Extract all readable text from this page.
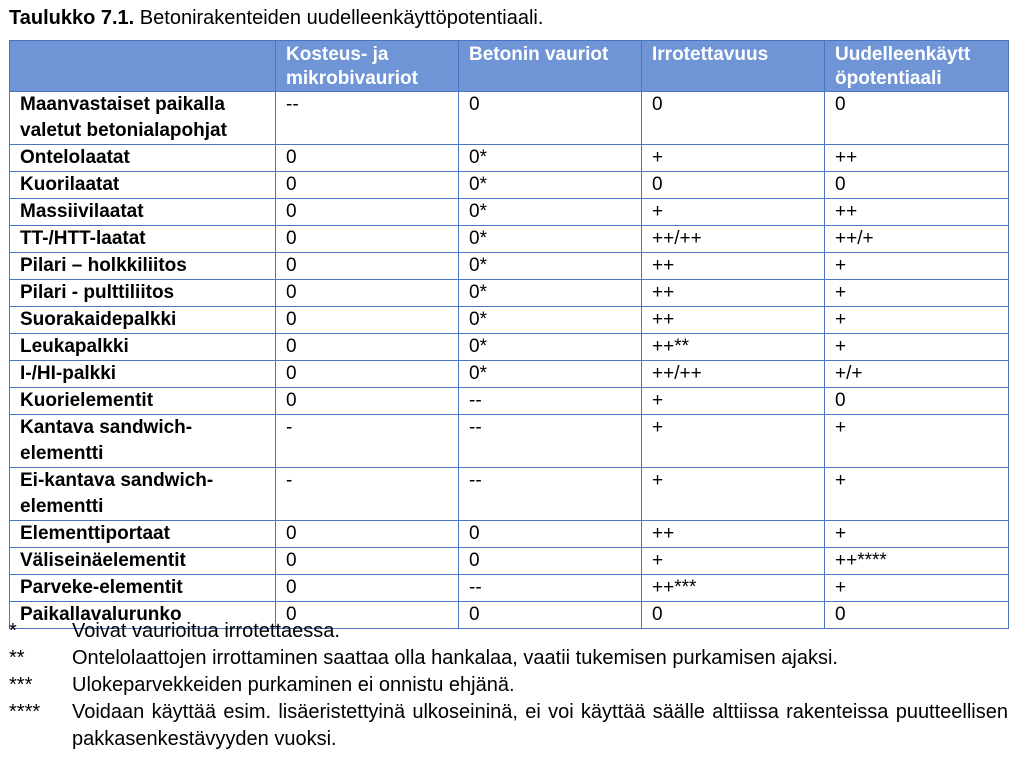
Taulukko 7.1. Betonirakenteiden uudelleenkäyttöpotentiaali.
	Kosteus- ja mikrobivauriot	Betonin vauriot	Irrotettavuus	Uudelleenkäytt öpotentiaali
Maanvastaiset paikalla valetut betonialapohjat	--	0	0	0
Ontelolaatat	0	0*	+	++
Kuorilaatat	0	0*	0	0
Massiivilaatat	0	0*	+	++
TT-/HTT-laatat	0	0*	++/++	++/+
Pilari – holkkiliitos	0	0*	++	+
Pilari - pulttiliitos	0	0*	++	+
Suorakaidepalkki	0	0*	++	+
Leukapalkki	0	0*	++**	+
I-/HI-palkki	0	0*	++/++	+/+
Kuorielementit	0	--	+	0
Kantava sandwich-elementti	-	--	+	+
Ei-kantava sandwich-elementti	-	--	+	+
Elementtiportaat	0	0	++	+
Väliseinäelementit	0	0	+	++****
Parveke-elementit	0	--	++***	+
Paikallavalurunko	0	0	0	0
*	Voivat vaurioitua irrotettaessa.
**	Ontelolaattojen irrottaminen saattaa olla hankalaa, vaatii tukemisen purkamisen ajaksi.
***	Ulokeparvekkeiden purkaminen ei onnistu ehjänä.
****	Voidaan käyttää esim. lisäeristettyinä ulkoseininä, ei voi käyttää säälle alttiissa rakenteissa puutteellisen pakkasenkestävyyden vuoksi.
